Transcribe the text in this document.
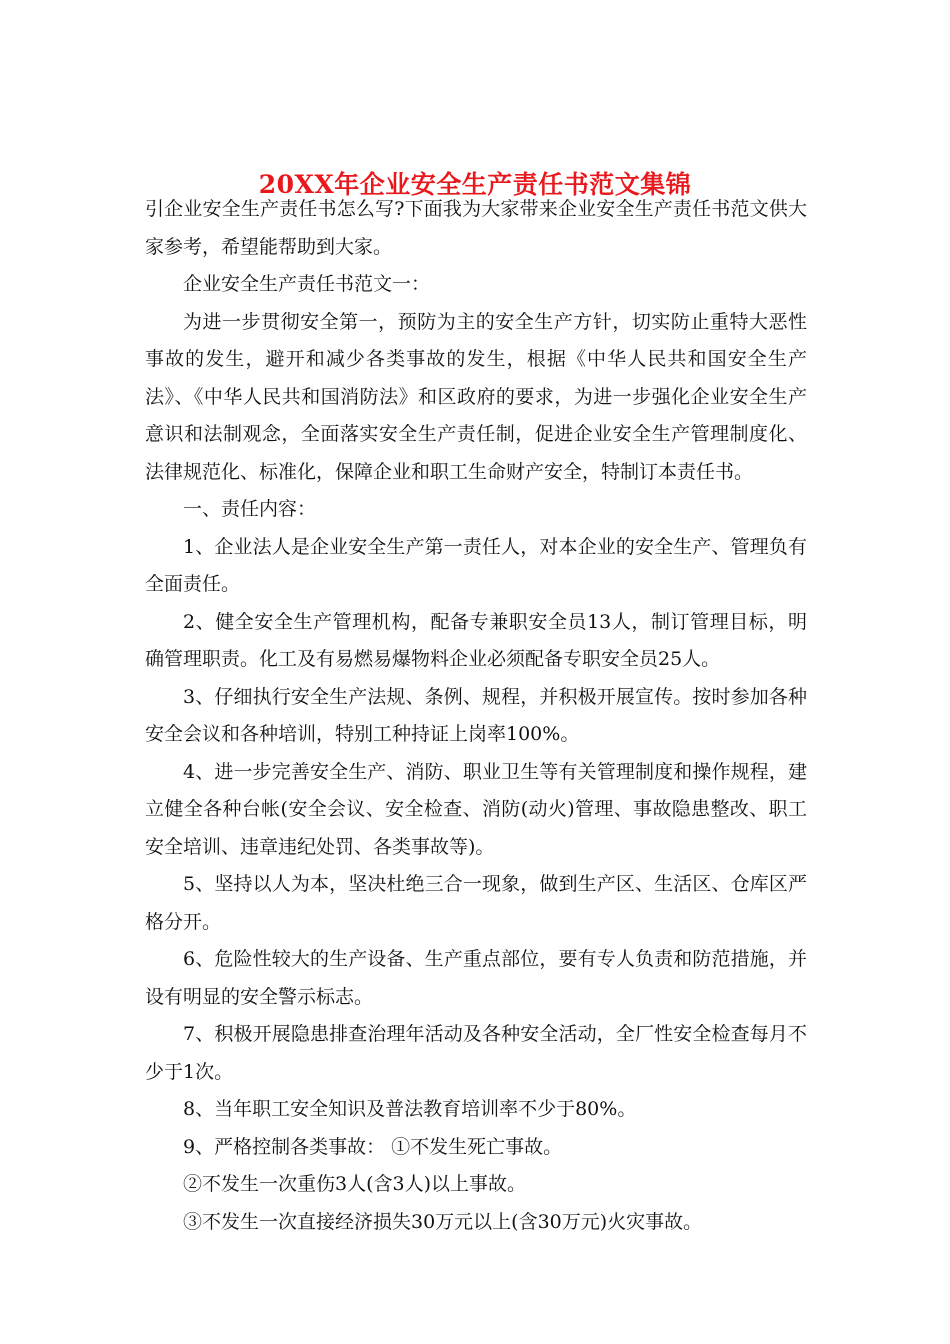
20XX年企业安全生产责任书范文集锦

引企业安全生产责任书怎么写?下面我为大家带来企业安全生产责任书范文供大家参考，希望能帮助到大家。

企业安全生产责任书范文一：

为进一步贯彻安全第一，预防为主的安全生产方针，切实防止重特大恶性事故的发生，避开和减少各类事故的发生，根据《中华人民共和国安全生产法》、《中华人民共和国消防法》和区政府的要求，为进一步强化企业安全生产意识和法制观念，全面落实安全生产责任制，促进企业安全生产管理制度化、法律规范化、标准化，保障企业和职工生命财产安全，特制订本责任书。

一、责任内容：

1、企业法人是企业安全生产第一责任人，对本企业的安全生产、管理负有全面责任。

2、健全安全生产管理机构，配备专兼职安全员13人，制订管理目标，明确管理职责。化工及有易燃易爆物料企业必须配备专职安全员25人。

3、仔细执行安全生产法规、条例、规程，并积极开展宣传。按时参加各种安全会议和各种培训，特别工种持证上岗率100%。

4、进一步完善安全生产、消防、职业卫生等有关管理制度和操作规程，建立健全各种台帐(安全会议、安全检查、消防(动火)管理、事故隐患整改、职工安全培训、违章违纪处罚、各类事故等)。

5、坚持以人为本，坚决杜绝三合一现象，做到生产区、生活区、仓库区严格分开。

6、危险性较大的生产设备、生产重点部位，要有专人负责和防范措施，并设有明显的安全警示标志。

7、积极开展隐患排查治理年活动及各种安全活动，全厂性安全检查每月不少于1次。

8、当年职工安全知识及普法教育培训率不少于80%。

9、严格控制各类事故： ①不发生死亡事故。

②不发生一次重伤3人(含3人)以上事故。

③不发生一次直接经济损失30万元以上(含30万元)火灾事故。
